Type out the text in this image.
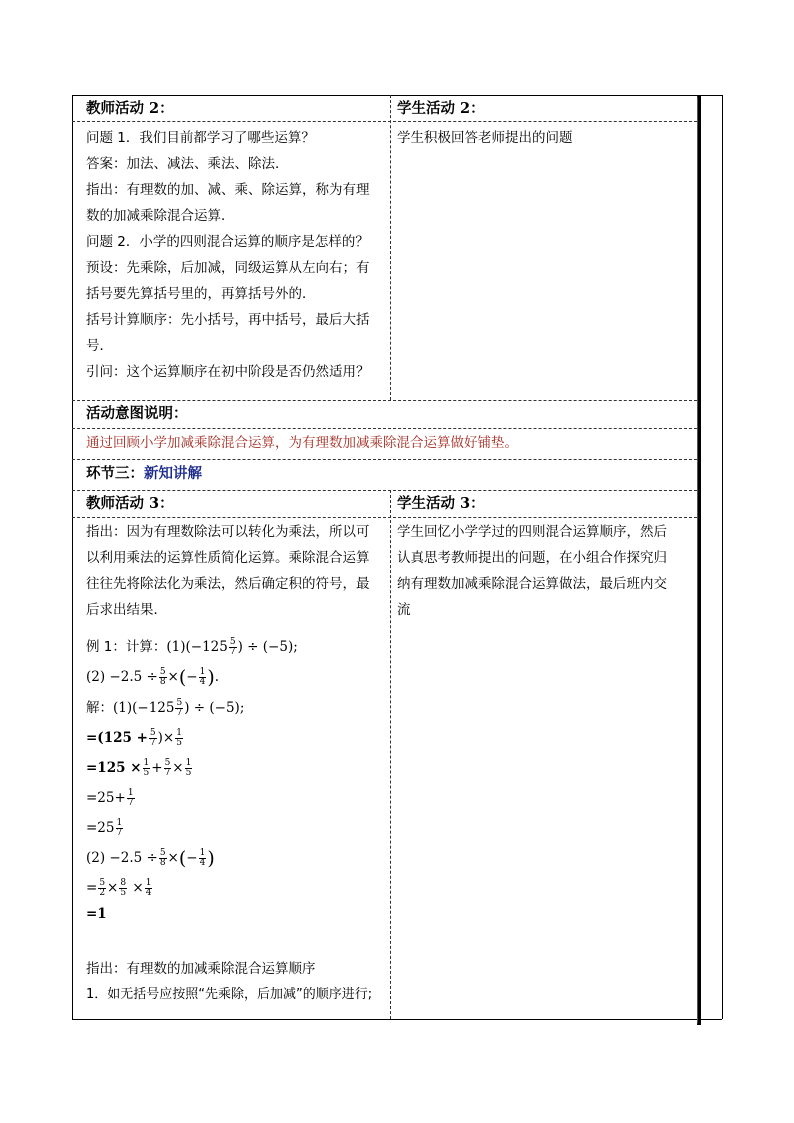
教师活动 2：

问题 1．我们目前都学习了哪些运算？

答案：加法、减法、乘法、除法．

指出：有理数的加、减、乘、除运算，称为有理

数的加减乘除混合运算．

问题 2．小学的四则混合运算的顺序是怎样的？

预设：先乘除，后加减，同级运算从左向右；有

括号要先算括号里的，再算括号外的．

括号计算顺序：先小括号，再中括号，最后大括

号．

引问：这个运算顺序在初中阶段是否仍然适用？

学生活动 2：

学生积极回答老师提出的问题

活动意图说明：

通过回顾小学加减乘除混合运算，为有理数加减乘除混合运算做好铺垫。

环节三：新知讲解

教师活动 3：

指出：因为有理数除法可以转化为乘法，所以可

以利用乘法的运算性质简化运算。乘除混合运算

往往先将除法化为乘法，然后确定积的符号，最

后求出结果．

例 1：计算：$(1)(-125 \frac{5}{7}$ ) ÷ (−5);

$(2) -2.5 \div \frac{5}{8}$ ×(− $\frac{1}{4}$ ).

解：$(1)(-125 \frac{5}{7}$ ) ÷ (−5);

$=(125 + \frac{5}{7}$ )× $\frac{1}{5}$

$=125 \times \frac{1}{5} + \frac{5}{7} \times \frac{1}{5}$

$=25+ \frac{1}{7}$

$=25 \frac{1}{7}$

$(2) -2.5 \div \frac{5}{8}$ ×(− $\frac{1}{4}$ )

= $\frac{5}{2} \times \frac{8}{5} \times \frac{1}{4}$

=1

指出：有理数的加减乘除混合运算顺序

1．如无括号应按照“先乘除，后加减”的顺序进行;

学生活动 3：

学生回忆小学学过的四则混合运算顺序，然后

认真思考教师提出的问题，在小组合作探究归

纳有理数加减乘除混合运算做法，最后班内交

流
